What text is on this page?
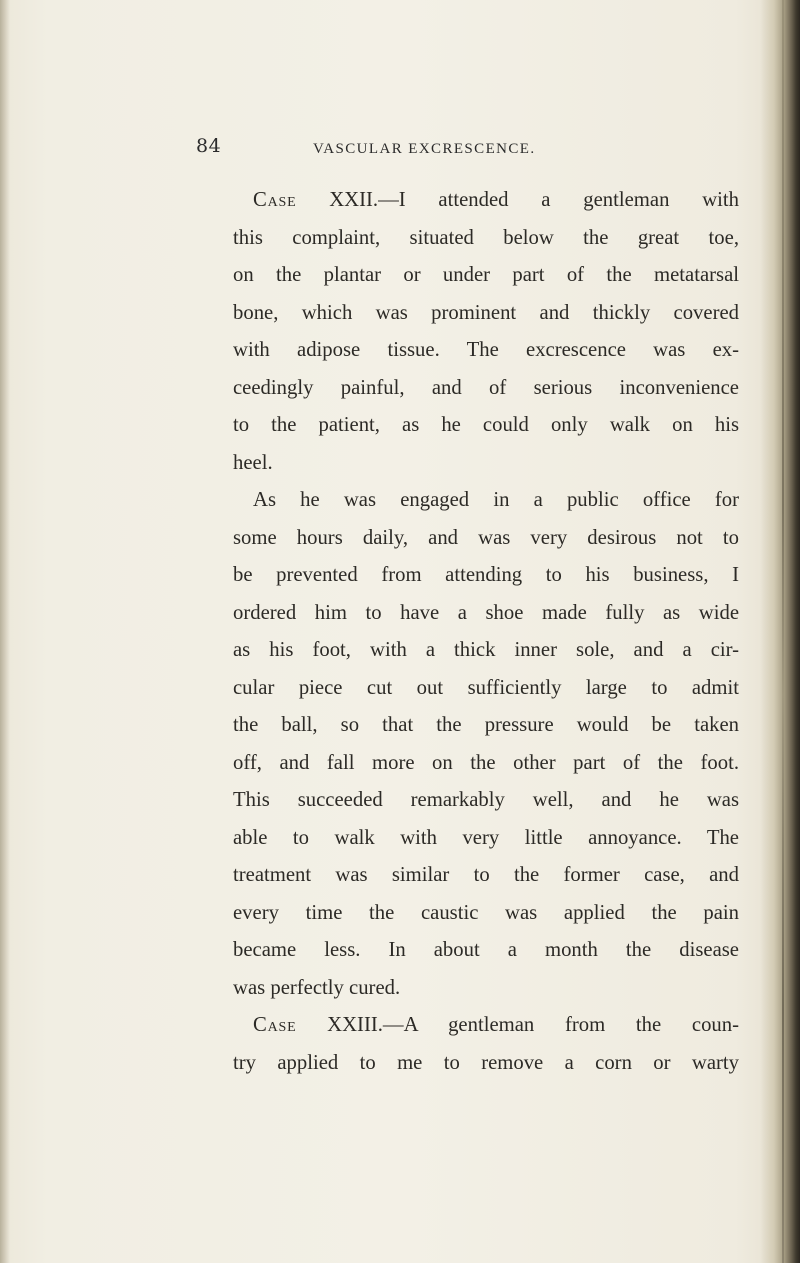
84	VASCULAR EXCRESCENCE.
Case XXII.—I attended a gentleman with
this complaint, situated below the great toe,
on the plantar or under part of the metatarsal
bone, which was prominent and thickly covered
with adipose tissue. The excrescence was ex-
ceedingly painful, and of serious inconvenience
to the patient, as he could only walk on his
heel.
As he was engaged in a public office for
some hours daily, and was very desirous not to
be prevented from attending to his business, I
ordered him to have a shoe made fully as wide
as his foot, with a thick inner sole, and a cir-
cular piece cut out sufficiently large to admit
the ball, so that the pressure would be taken
off, and fall more on the other part of the foot.
This succeeded remarkably well, and he was
able to walk with very little annoyance. The
treatment was similar to the former case, and
every time the caustic was applied the pain
became less. In about a month the disease
was perfectly cured.
Case XXIII.—A gentleman from the coun-
try applied to me to remove a corn or warty
